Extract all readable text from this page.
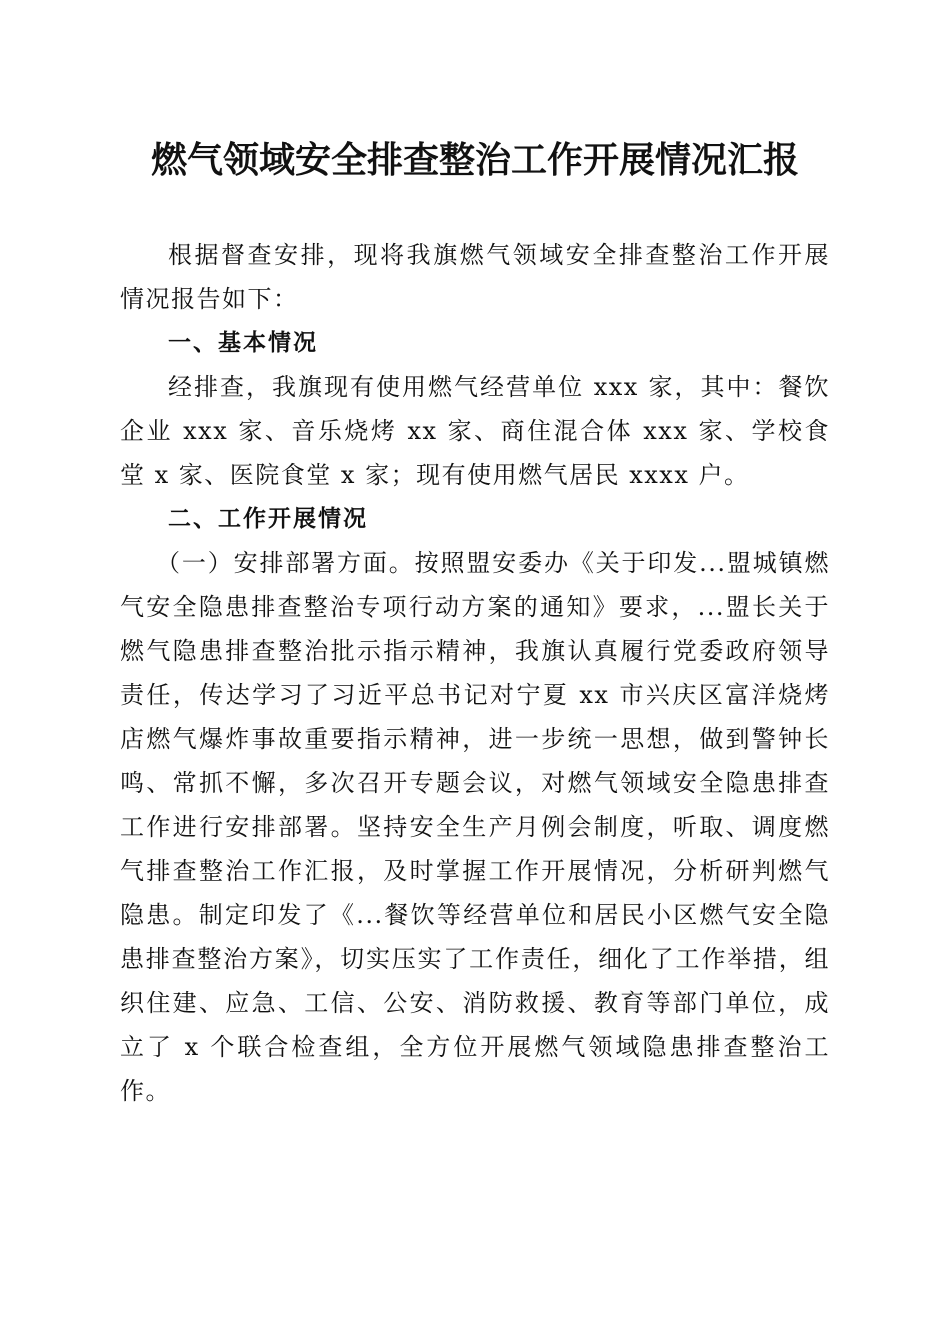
燃气领域安全排查整治工作开展情况汇报

根据督查安排，现将我旗燃气领域安全排查整治工作开展情况报告如下：

一、基本情况

经排查，我旗现有使用燃气经营单位 xxx 家，其中：餐饮企业 xxx 家、音乐烧烤 xx 家、商住混合体 xxx 家、学校食堂 x 家、医院食堂 x 家；现有使用燃气居民 xxxx 户。

二、工作开展情况

（一）安排部署方面。按照盟安委办《关于印发...盟城镇燃气安全隐患排查整治专项行动方案的通知》要求，...盟长关于燃气隐患排查整治批示指示精神，我旗认真履行党委政府领导责任，传达学习了习近平总书记对宁夏 xx 市兴庆区富洋烧烤店燃气爆炸事故重要指示精神，进一步统一思想，做到警钟长鸣、常抓不懈，多次召开专题会议，对燃气领域安全隐患排查工作进行安排部署。坚持安全生产月例会制度，听取、调度燃气排查整治工作汇报，及时掌握工作开展情况，分析研判燃气隐患。制定印发了《...餐饮等经营单位和居民小区燃气安全隐患排查整治方案》，切实压实了工作责任，细化了工作举措，组织住建、应急、工信、公安、消防救援、教育等部门单位，成立了 x 个联合检查组，全方位开展燃气领域隐患排查整治工作。
